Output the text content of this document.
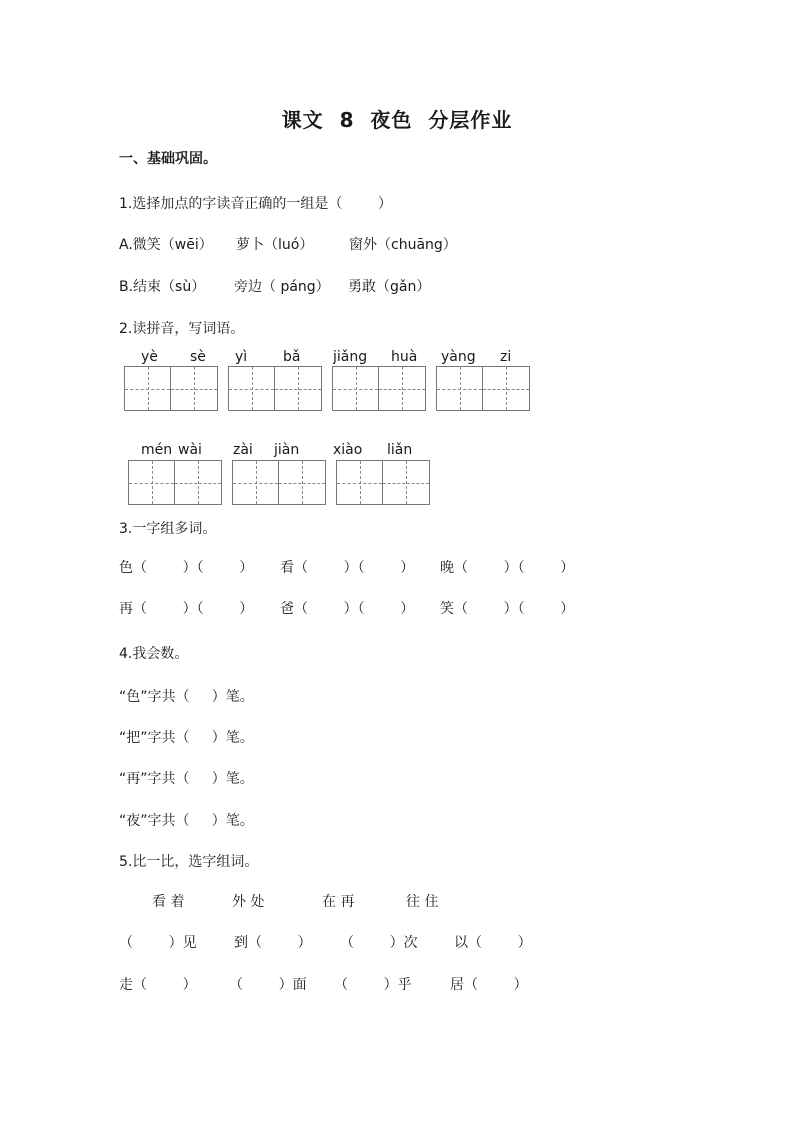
课文  8  夜色  分层作业
一、基础巩固。
1.选择加点的字读音正确的一组是（        ）
A.微笑（wēi） 萝卜（luó）	窗外（chuāng）
B.结束（sù） 旁边（ páng） 勇敢（gǎn）
2.读拼音，写词语。
yè sè yì	bǎ jiǎng huà yàng zi
mén wài zài jiàn xiào liǎn
3.一字组多词。
色（        ）（        ） 看（        ）（        ） 晚（        ）（        ）
再（        ）（        ） 爸（        ）（        ） 笑（        ）（        ）
4.我会数。
“色”字共（     ）笔。
“把”字共（     ）笔。
“再”字共（     ）笔。
“夜”字共（     ）笔。
5.比一比，选字组词。
看 着	外 处	在 再	往 住
（        ）见	到（        ） （        ）次	以（        ）
走（        ） （        ）面 （        ）乎	居（        ）
